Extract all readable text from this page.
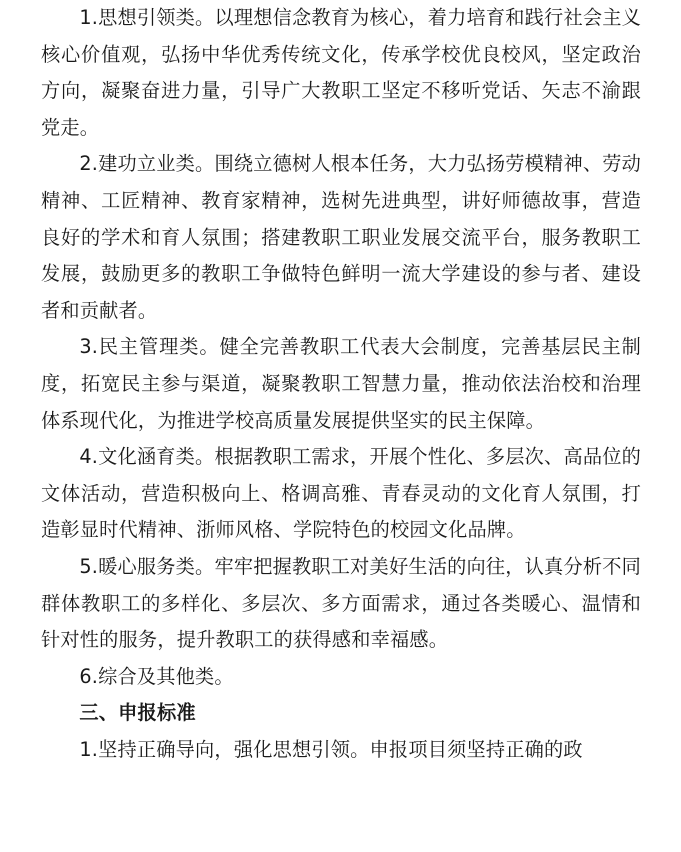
1.思想引领类。以理想信念教育为核心，着力培育和践行社会主义核心价值观，弘扬中华优秀传统文化，传承学校优良校风，坚定政治方向，凝聚奋进力量，引导广大教职工坚定不移听党话、矢志不渝跟党走。

2.建功立业类。围绕立德树人根本任务，大力弘扬劳模精神、劳动精神、工匠精神、教育家精神，选树先进典型，讲好师德故事，营造良好的学术和育人氛围；搭建教职工职业发展交流平台，服务教职工发展，鼓励更多的教职工争做特色鲜明一流大学建设的参与者、建设者和贡献者。

3.民主管理类。健全完善教职工代表大会制度，完善基层民主制度，拓宽民主参与渠道，凝聚教职工智慧力量，推动依法治校和治理体系现代化，为推进学校高质量发展提供坚实的民主保障。

4.文化涵育类。根据教职工需求，开展个性化、多层次、高品位的文体活动，营造积极向上、格调高雅、青春灵动的文化育人氛围，打造彰显时代精神、浙师风格、学院特色的校园文化品牌。

5.暖心服务类。牢牢把握教职工对美好生活的向往，认真分析不同群体教职工的多样化、多层次、多方面需求，通过各类暖心、温情和针对性的服务，提升教职工的获得感和幸福感。

6.综合及其他类。

三、申报标准

1.坚持正确导向，强化思想引领。申报项目须坚持正确的政
